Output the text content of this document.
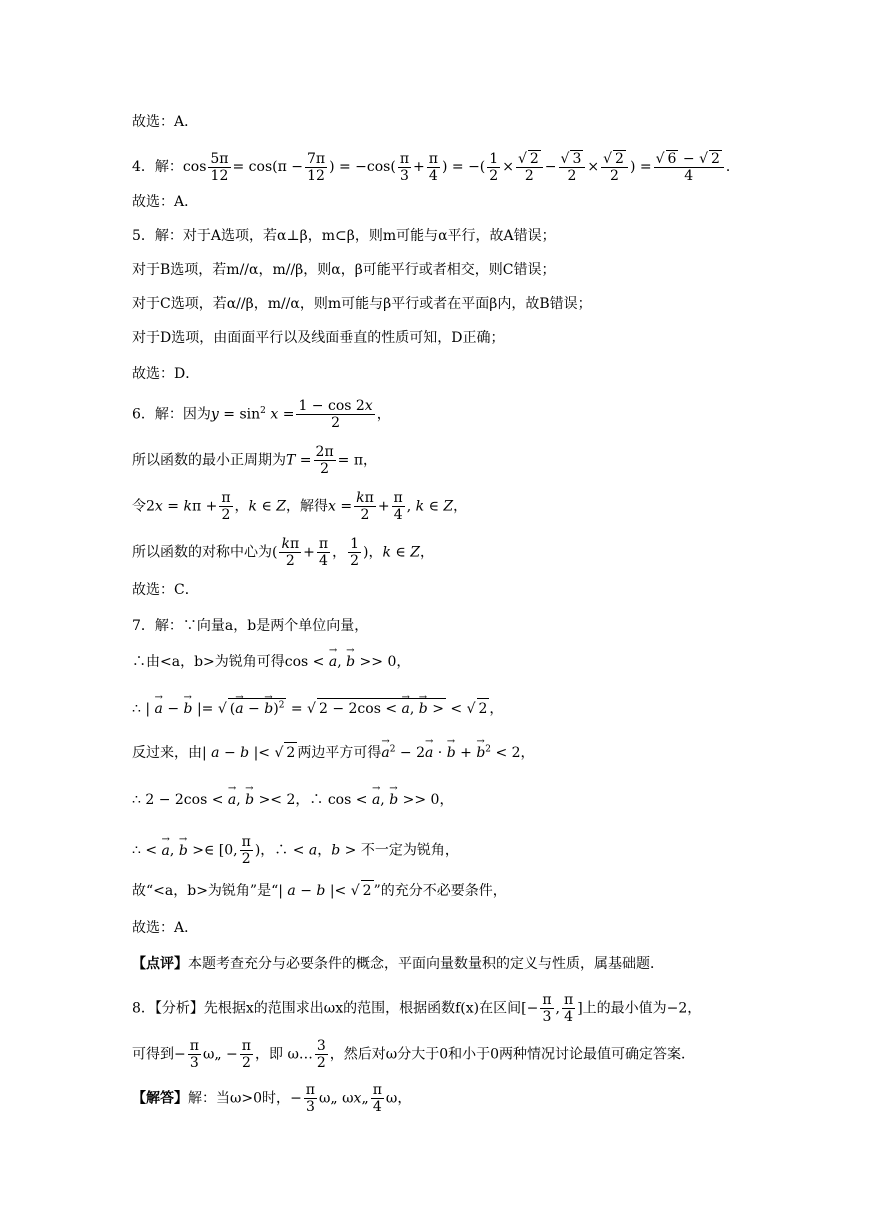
故选：A．
4．解：$\cos \frac{5\pi}{12} = \cos(\pi - \frac{7\pi}{12}$ ) = $-\cos( \frac{\pi}{3} + \frac{\pi}{4}$ ) = −( $\frac{1}{2} \times \frac{√ 2}{2} - \frac{√ 3}{2} \times \frac{√ 2}{2}$ ) = $\frac{√ 6 - √ 2}{4}$ ．
故选：A．
5．解：对于A选项，若α⊥β，m⊂β，则m可能与α平行，故A错误；
对于B选项，若m//α，m//β，则α，β可能平行或者相交，则C错误；
对于C选项，若α//β，m//α，则m可能与β平行或者在平面β内，故B错误；
对于D选项，由面面平行以及线面垂直的性质可知，D正确；
故选：D．
6．解：因为$y = \sin^2 x = \frac{1 - \cos 2x}{2}$ ，
所以函数的最小正周期为$T = \frac{2\pi}{2} = \pi$，
令$2x = k\pi + \frac{\pi}{2}$ ，k ∈ Z，解得$x = \frac{k\pi}{2} + \frac{\pi}{4}$ , k ∈ Z，
所以函数的对称中心为( $\frac{k\pi}{2} + \frac{\pi}{4}$ ， $\frac{1}{2}$ )，k ∈ Z，
故选：C．
7．解：∵向量a，b是两个单位向量，
∴由<a，b>为锐角可得cos < → a, → b >> 0，
∴ | → a − → b |= √ (→ a − → b)$^2$ = √ 2 − 2cos < → a, → b > < √ 2 ，
反过来，由| a − b |< √ 2 两边平方可得→ $a^2 - 2\to a$ · → b + → $b^2 < 2$，
∴ 2 − 2cos < → a, → b >< 2，∴ cos < → a, → b >> 0，
∴ < → a, → b >∈ [0, $\frac{\pi}{2}$ )，∴ < a，b > 不一定为锐角，
故“<a，b>为锐角”是“| a − b |< √ 2 ”的充分不必要条件，
故选：A．
【点评】本题考查充分与必要条件的概念，平面向量数量积的定义与性质，属基础题．
8．【分析】先根据x的范围求出ωx的范围，根据函数f(x)在区间[− $\frac{\pi}{3}$ , $\frac{\pi}{4}$ ]上的最小值为−2，
可得到− $\frac{\pi}{3}$ ω„ − $\frac{\pi}{2}$ ，即 ω… $\frac{3}{2}$ ，然后对ω分大于0和小于0两种情况讨论最值可确定答案．
【解答】解：当ω>0时，− $\frac{\pi}{3}$ ω„ ωx„ $\frac{\pi}{4}$ ω，
